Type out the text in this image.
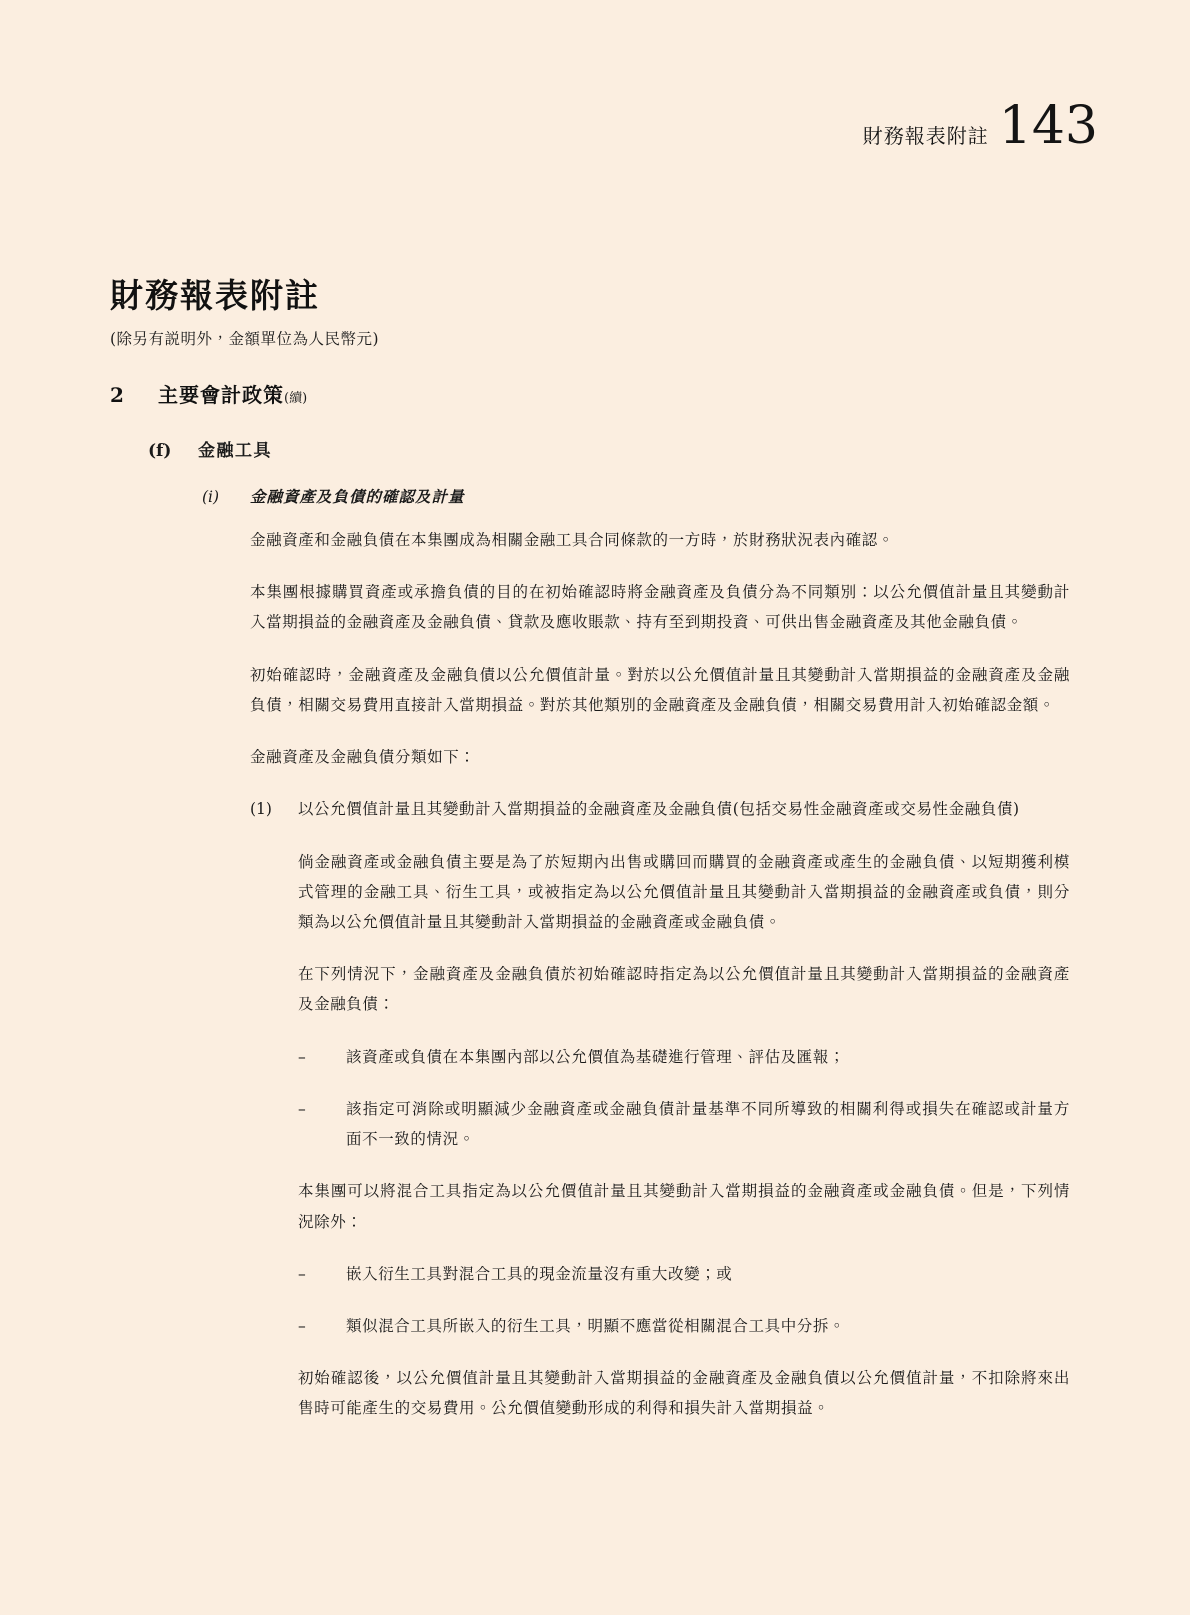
財務報表附註 143
財務報表附註

(除另有説明外，金額單位為人民幣元)

2	主要會計政策 (續)
(f)	金融工具
(i)	金融資產及負債的確認及計量

金融資產和金融負債在本集團成為相關金融工具合同條款的一方時，於財務狀況表內確認。

本集團根據購買資產或承擔負債的目的在初始確認時將金融資產及負債分為不同類別：以公允價值計量且其變動計入當期損益的金融資產及金融負債、貸款及應收賬款、持有至到期投資、可供出售金融資產及其他金融負債。

初始確認時，金融資產及金融負債以公允價值計量。對於以公允價值計量且其變動計入當期損益的金融資產及金融負債，相關交易費用直接計入當期損益。對於其他類別的金融資產及金融負債，相關交易費用計入初始確認金額。

金融資產及金融負債分類如下：

(1)	以公允價值計量且其變動計入當期損益的金融資產及金融負債(包括交易性金融資產或交易性金融負債)

倘金融資產或金融負債主要是為了於短期內出售或購回而購買的金融資產或產生的金融負債、以短期獲利模式管理的金融工具、衍生工具，或被指定為以公允價值計量且其變動計入當期損益的金融資產或負債，則分類為以公允價值計量且其變動計入當期損益的金融資產或金融負債。

在下列情況下，金融資產及金融負債於初始確認時指定為以公允價值計量且其變動計入當期損益的金融資產及金融負債：

–	該資產或負債在本集團內部以公允價值為基礎進行管理、評估及匯報；
–	該指定可消除或明顯減少金融資產或金融負債計量基準不同所導致的相關利得或損失在確認或計量方面不一致的情況。

本集團可以將混合工具指定為以公允價值計量且其變動計入當期損益的金融資產或金融負債。但是，下列情況除外：

–	嵌入衍生工具對混合工具的現金流量沒有重大改變；或
–	類似混合工具所嵌入的衍生工具，明顯不應當從相關混合工具中分拆。

初始確認後，以公允價值計量且其變動計入當期損益的金融資產及金融負債以公允價值計量，不扣除將來出售時可能產生的交易費用。公允價值變動形成的利得和損失計入當期損益。
